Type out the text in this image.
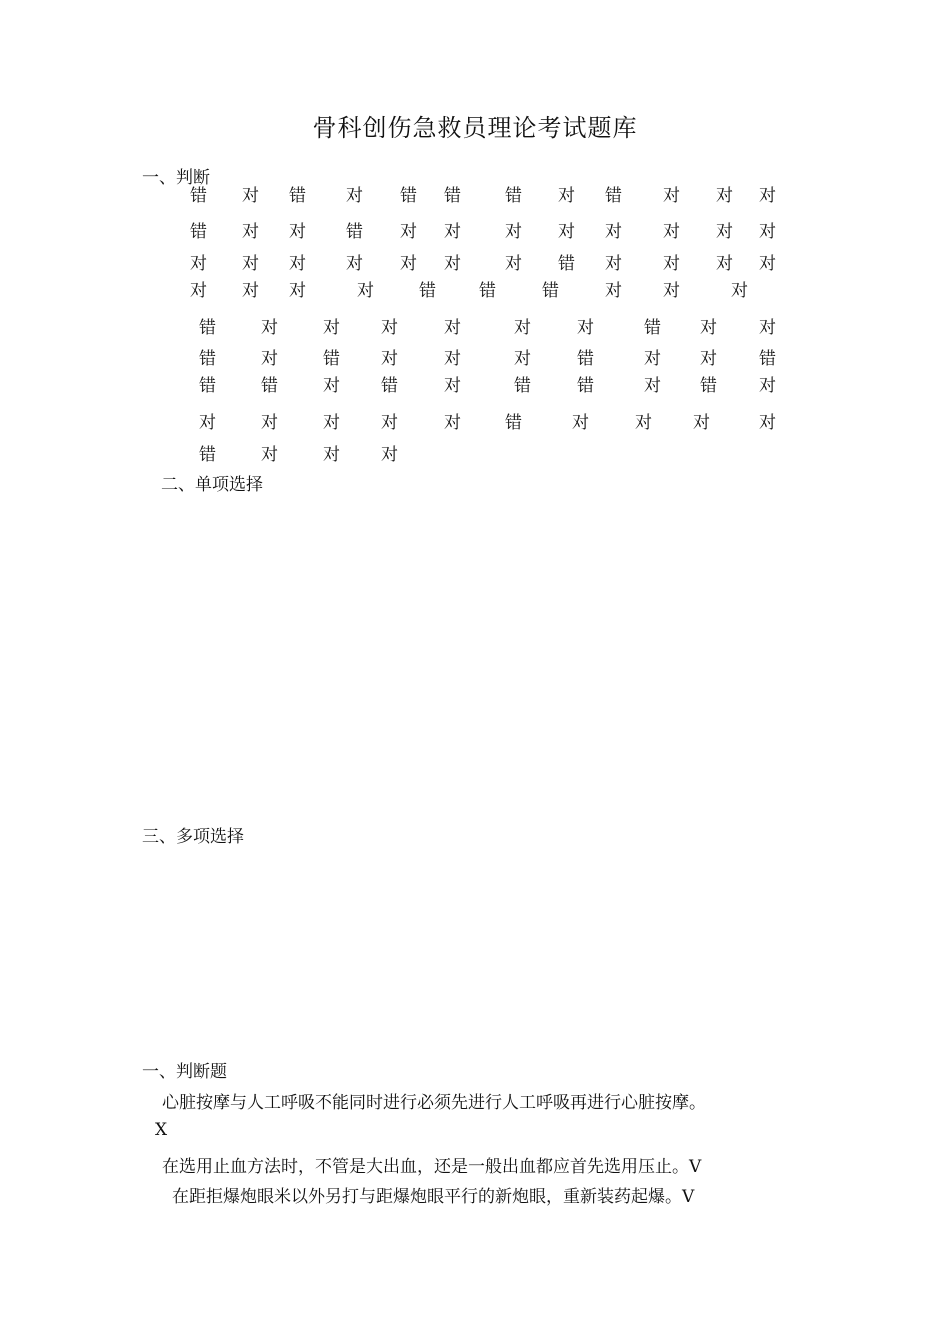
骨科创伤急救员理论考试题库
一、判断
错 对 错 对 错 错	错 对 错 对 对 对
错 对 对 错 对 对	对 对 对 对 对 对
对 对 对 对 对 对	对 错 对 对 对 对
对 对 对	对	错	错	错	对 对	对
错	对	对 对	对	对	对	错 对 对
错	对	错 对	对	对	错	对 对 错
错	错	对 错	对	错	错	对 错 对
对	对	对 对	对	错	对	对 对	对
错	对	对 对
二、单项选择
三、多项选择
一、判断题
心脏按摩与人工呼吸不能同时进行必须先进行人工呼吸再进行心脏按摩。
X
在选用止血方法时，不管是大出血，还是一般出血都应首先选用压止。V
在距拒爆炮眼米以外另打与距爆炮眼平行的新炮眼，重新装药起爆。V
